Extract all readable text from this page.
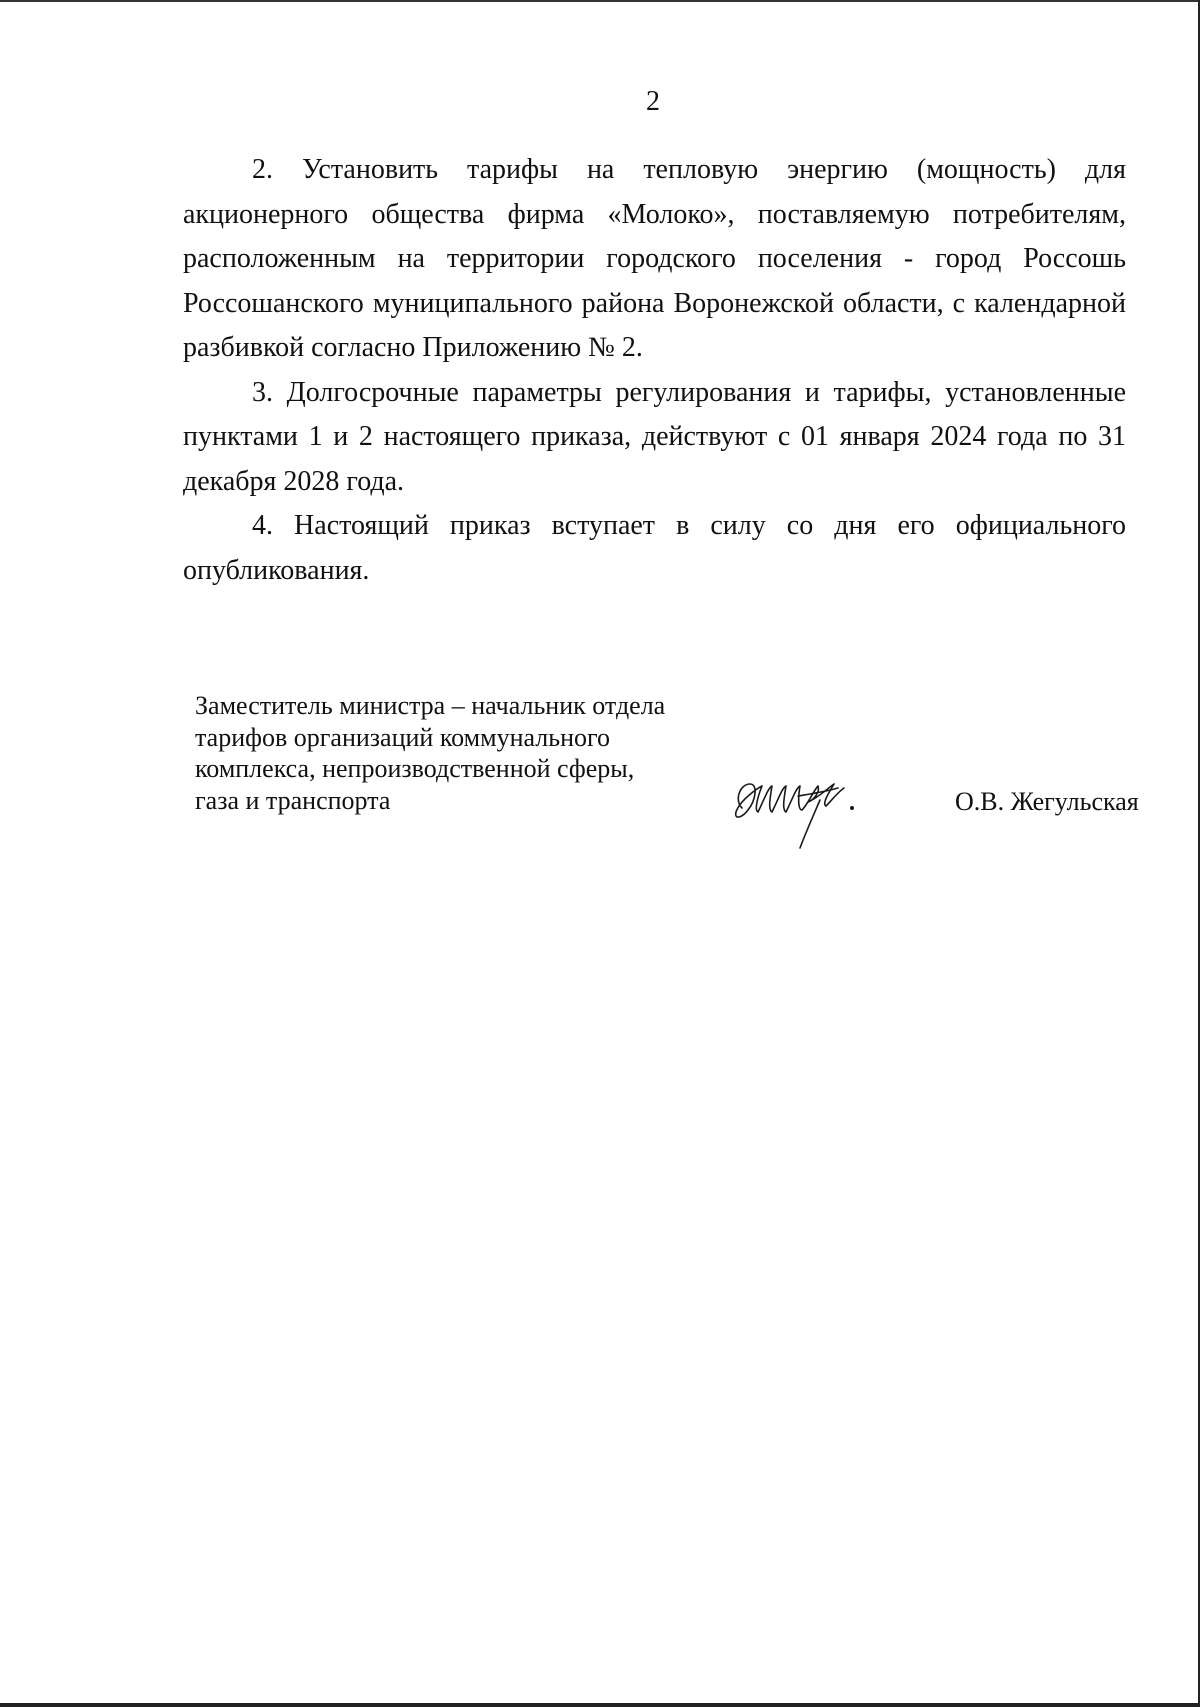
2

2. Установить тарифы на тепловую энергию (мощность) для акционерного общества фирма «Молоко», поставляемую потребителям, расположенным на территории городского поселения - город Россошь Россошанского муниципального района Воронежской области, с календарной разбивкой согласно Приложению № 2.

3. Долгосрочные параметры регулирования и тарифы, установленные пунктами 1 и 2 настоящего приказа, действуют с 01 января 2024 года по 31 декабря 2028 года.

4. Настоящий приказ вступает в силу со дня его официального опубликования.

Заместитель министра – начальник отдела
тарифов организаций коммунального
комплекса, непроизводственной сферы,
газа и транспорта	О.В. Жегульская
